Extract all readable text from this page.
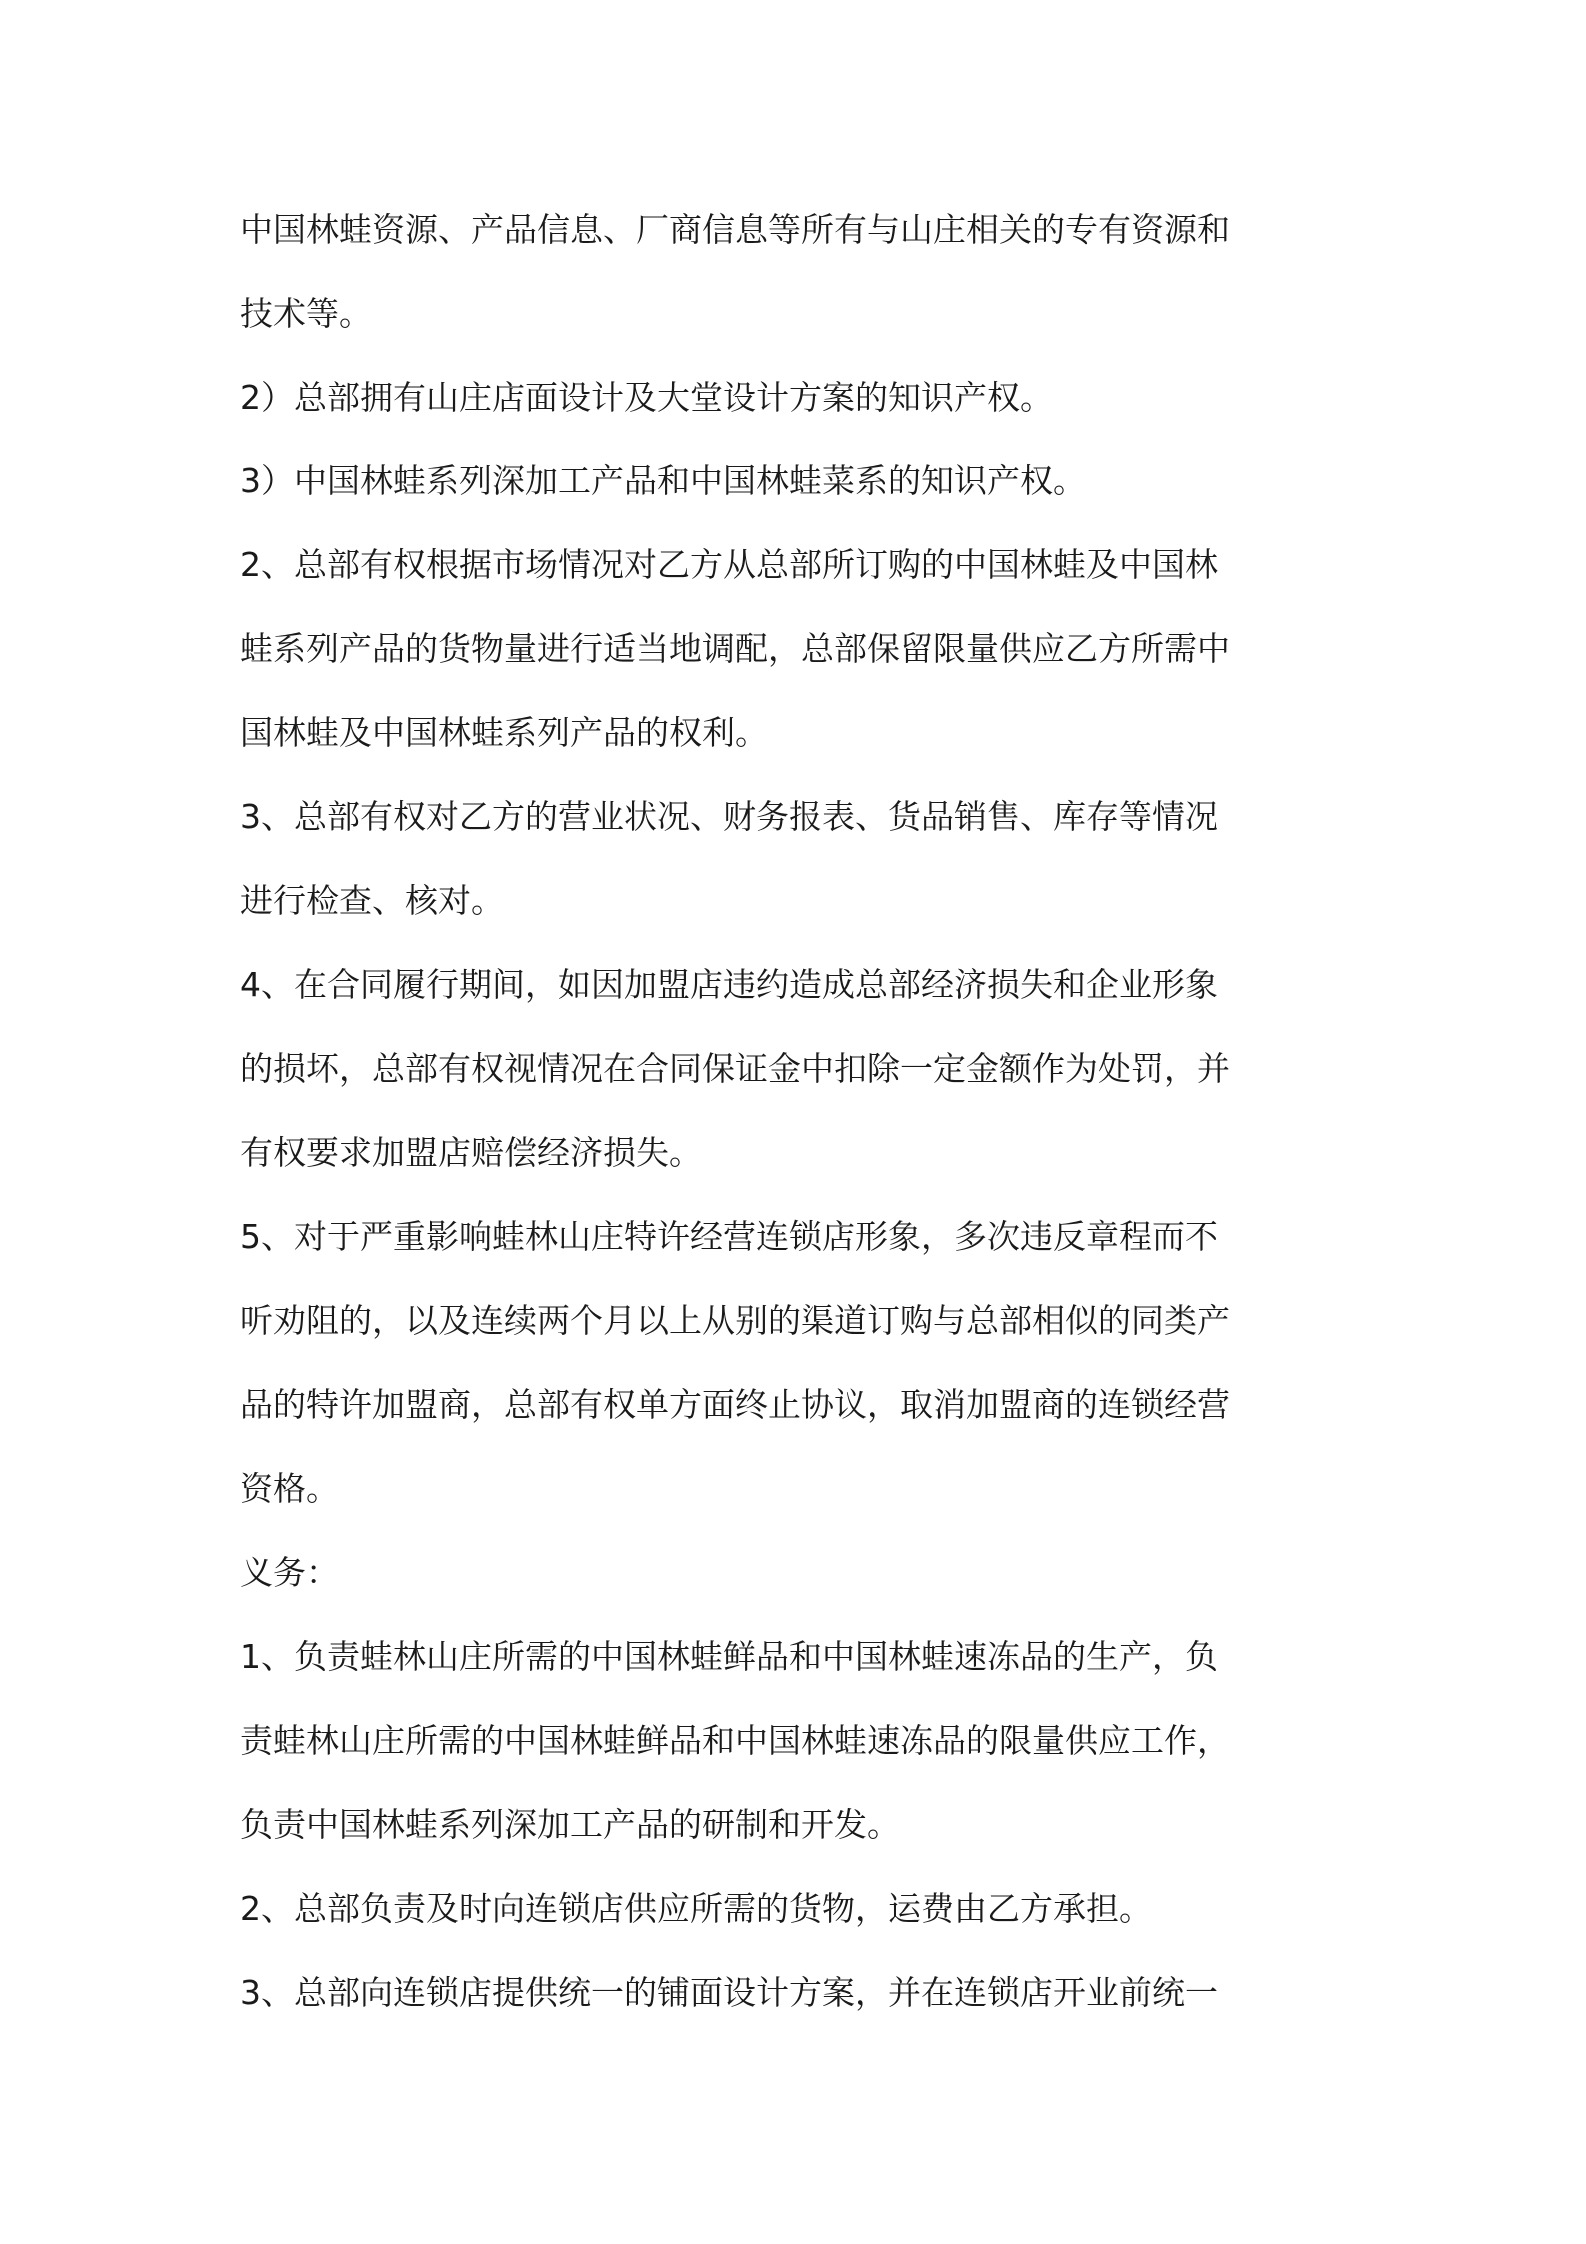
中国林蛙资源、产品信息、厂商信息等所有与山庄相关的专有资源和

技术等。

2）总部拥有山庄店面设计及大堂设计方案的知识产权。

3）中国林蛙系列深加工产品和中国林蛙菜系的知识产权。

2、总部有权根据市场情况对乙方从总部所订购的中国林蛙及中国林

蛙系列产品的货物量进行适当地调配，总部保留限量供应乙方所需中

国林蛙及中国林蛙系列产品的权利。

3、总部有权对乙方的营业状况、财务报表、货品销售、库存等情况

进行检查、核对。

4、在合同履行期间，如因加盟店违约造成总部经济损失和企业形象

的损坏，总部有权视情况在合同保证金中扣除一定金额作为处罚，并

有权要求加盟店赔偿经济损失。

5、对于严重影响蛙林山庄特许经营连锁店形象，多次违反章程而不

听劝阻的，以及连续两个月以上从别的渠道订购与总部相似的同类产

品的特许加盟商，总部有权单方面终止协议，取消加盟商的连锁经营

资格。

义务：

1、负责蛙林山庄所需的中国林蛙鲜品和中国林蛙速冻品的生产，负

责蛙林山庄所需的中国林蛙鲜品和中国林蛙速冻品的限量供应工作，

负责中国林蛙系列深加工产品的研制和开发。

2、总部负责及时向连锁店供应所需的货物，运费由乙方承担。

3、总部向连锁店提供统一的铺面设计方案，并在连锁店开业前统一
